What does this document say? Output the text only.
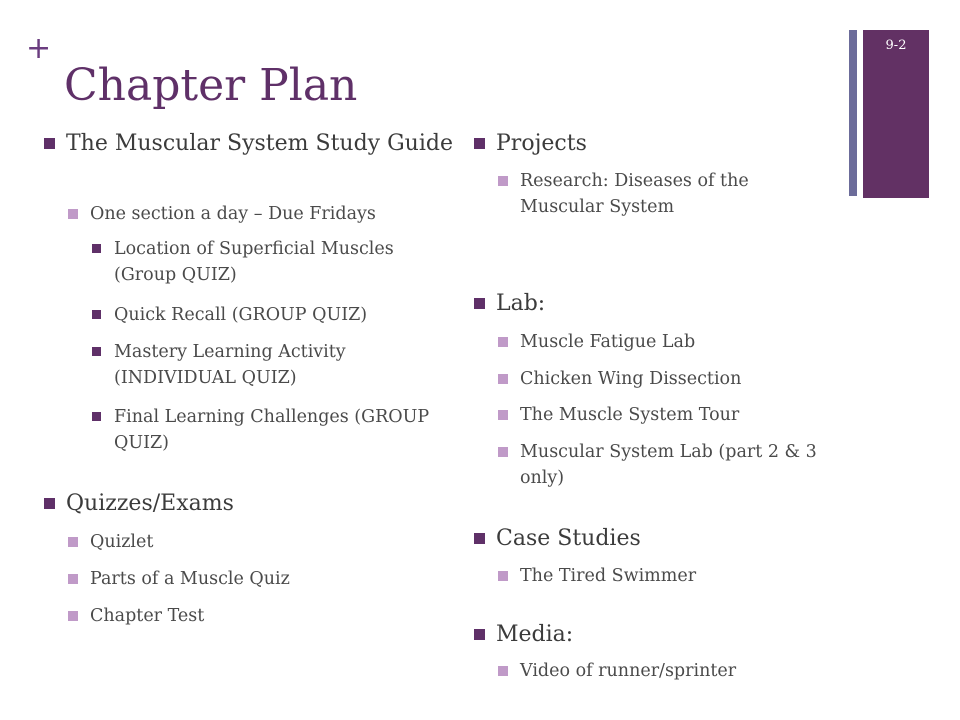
+
Chapter Plan
9-2
The Muscular System Study Guide
One section a day – Due Fridays
Location of Superficial Muscles (Group QUIZ)
Quick Recall (GROUP QUIZ)
Mastery Learning Activity (INDIVIDUAL QUIZ)
Final Learning Challenges (GROUP QUIZ)
Quizzes/Exams
Quizlet
Parts of a Muscle Quiz
Chapter Test
Projects
Research: Diseases of the Muscular System
Lab:
Muscle Fatigue Lab
Chicken Wing Dissection
The Muscle System Tour
Muscular System Lab (part 2 & 3 only)
Case Studies
The Tired Swimmer
Media:
Video of runner/sprinter
